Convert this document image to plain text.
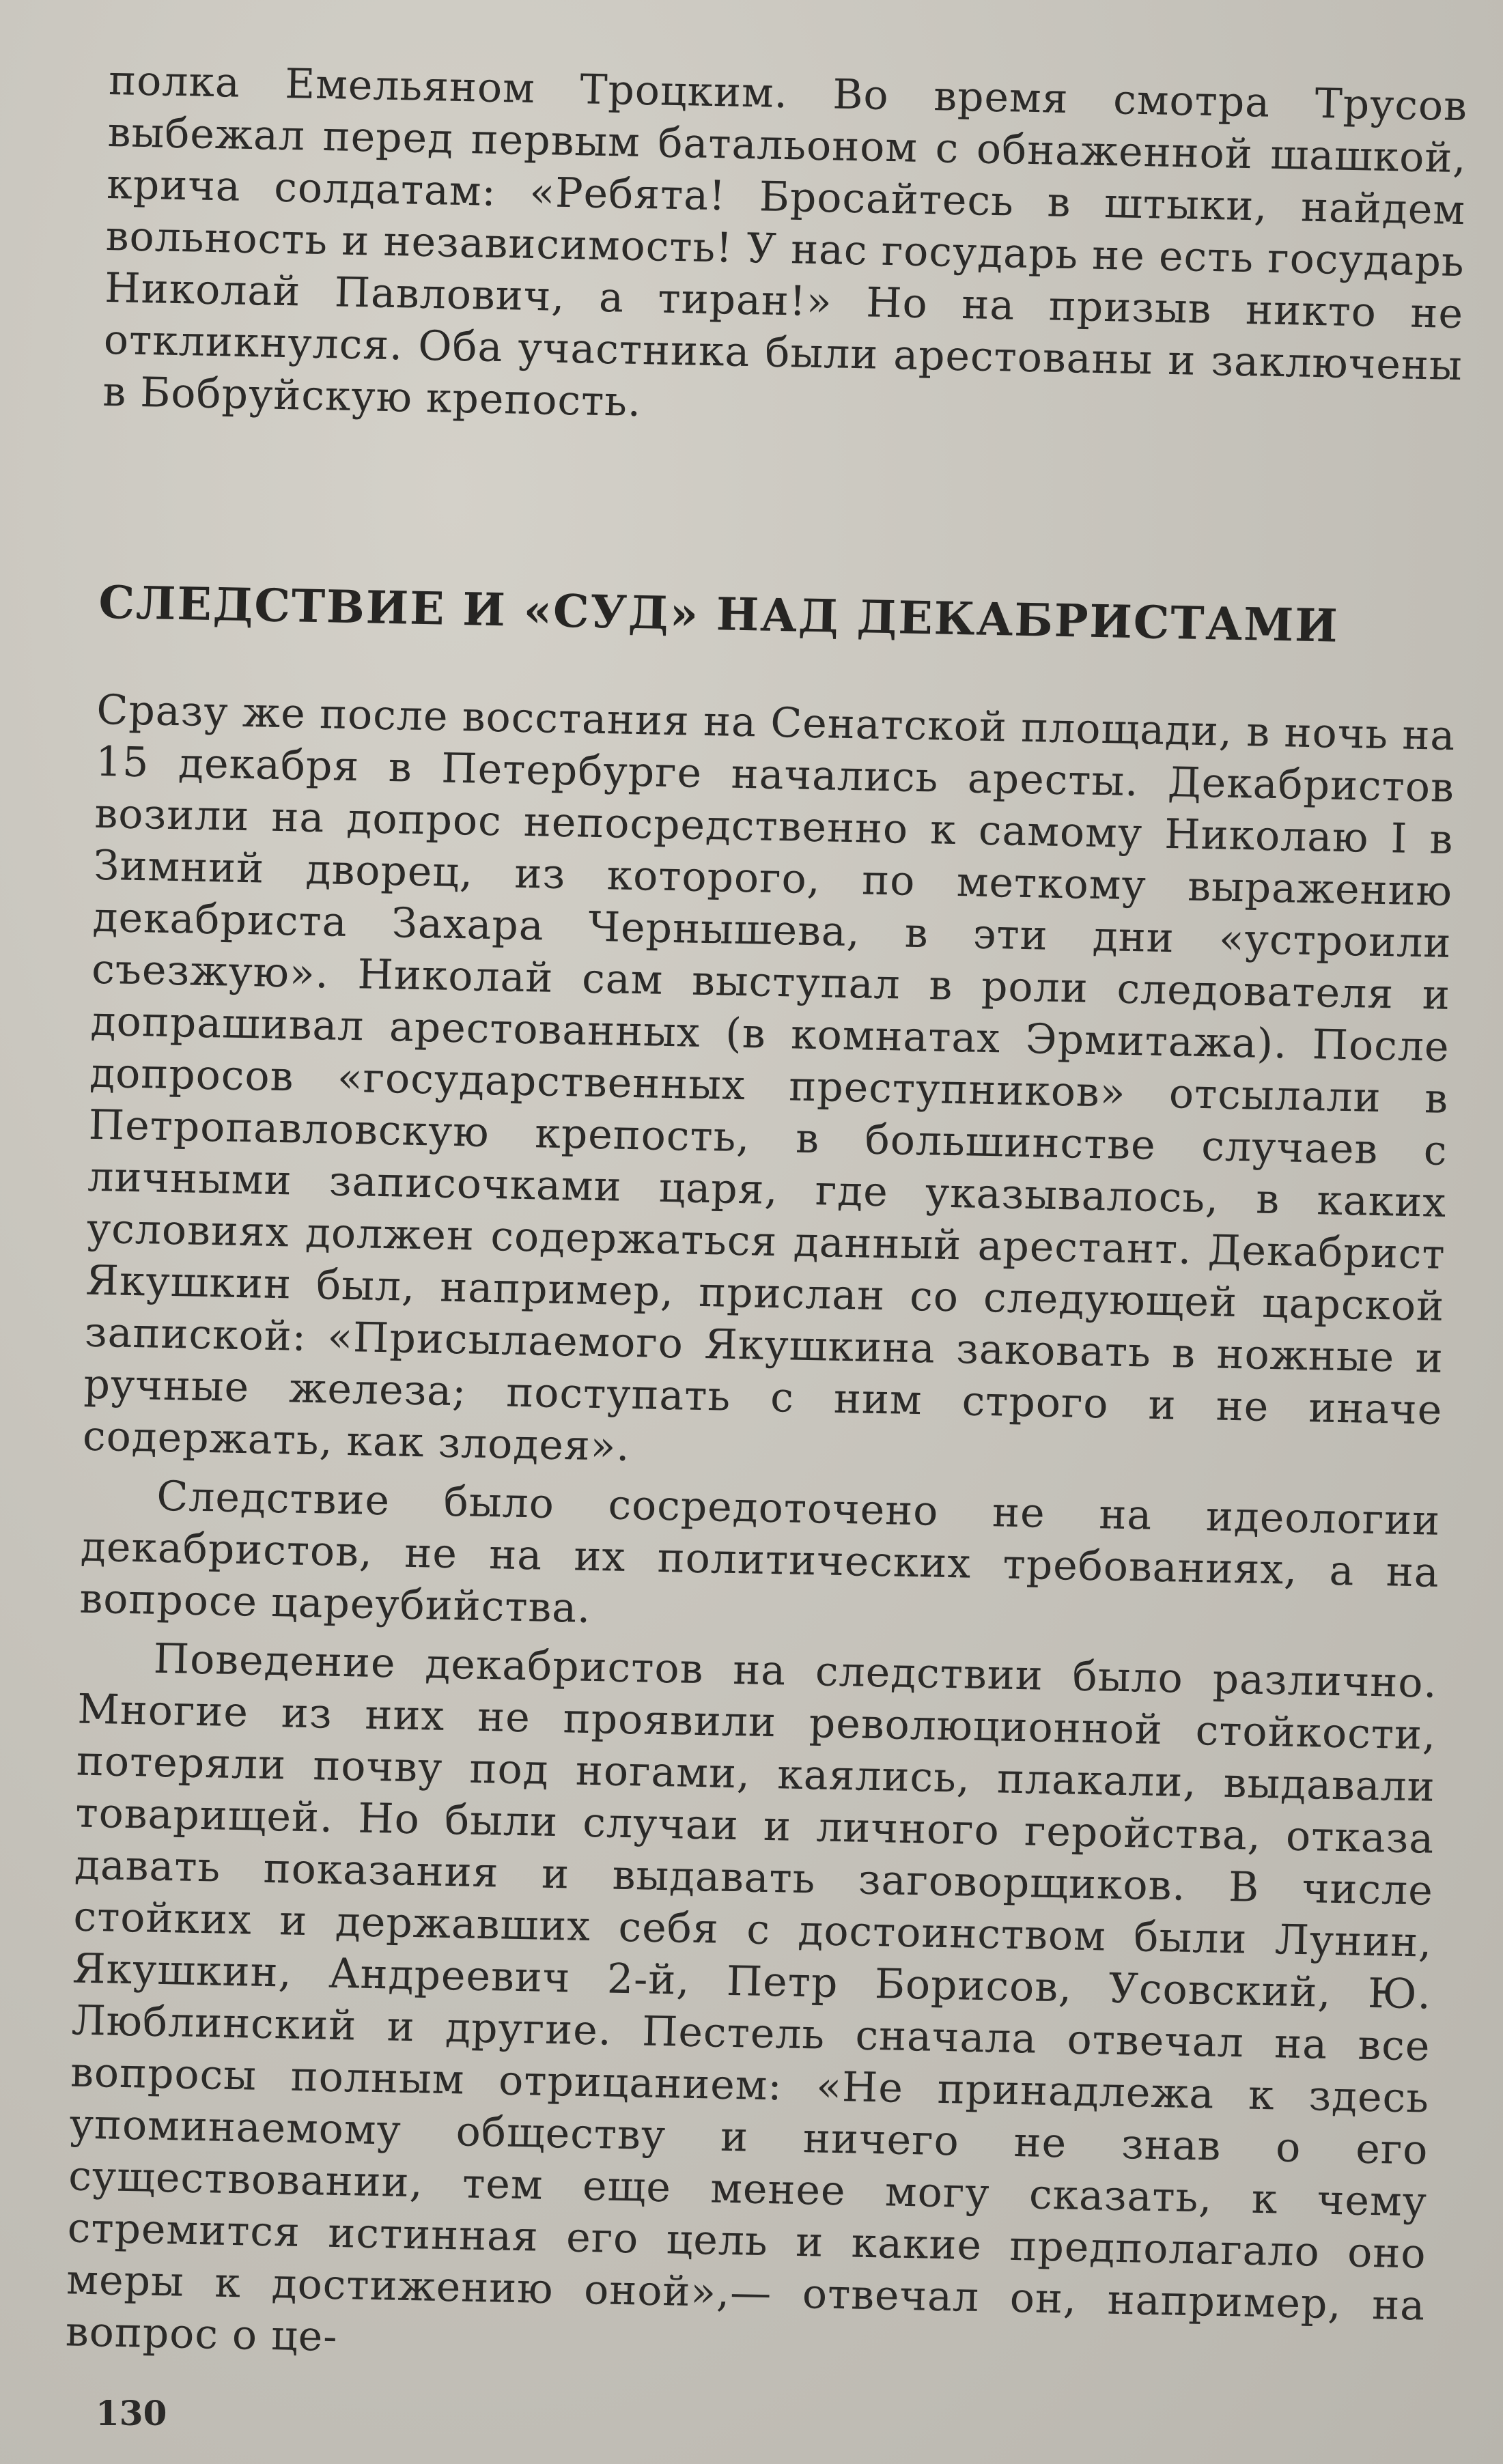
полка Емельяном Троцким. Во время смотра Трусов выбежал перед первым батальоном с обнаженной шашкой, крича солдатам: «Ребята! Бросайтесь в штыки, найдем вольность и независимость! У нас государь не есть государь Николай Павлович, а тиран!» Но на призыв никто не откликнулся. Оба участника были арестованы и заключены в Бобруйскую крепость.

СЛЕДСТВИЕ И «СУД» НАД ДЕКАБРИСТАМИ

Сразу же после восстания на Сенатской площади, в ночь на 15 декабря в Петербурге начались аресты. Декабристов возили на допрос непосредственно к самому Николаю I в Зимний дворец, из которого, по меткому выражению декабриста Захара Чернышева, в эти дни «устроили съезжую». Николай сам выступал в роли следователя и допрашивал арестованных (в комнатах Эрмитажа). После допросов «государственных преступников» отсылали в Петропавловскую крепость, в большинстве случаев с личными записочками царя, где указывалось, в каких условиях должен содержаться данный арестант. Декабрист Якушкин был, например, прислан со следующей царской запиской: «Присылаемого Якушкина заковать в ножные и ручные железа; поступать с ним строго и не иначе содержать, как злодея».

Следствие было сосредоточено не на идеологии декабристов, не на их политических требованиях, а на вопросе цареубийства.

Поведение декабристов на следствии было различно. Многие из них не проявили революционной стойкости, потеряли почву под ногами, каялись, плакали, выдавали товарищей. Но были случаи и личного геройства, отказа давать показания и выдавать заговорщиков. В числе стойких и державших себя с достоинством были Лунин, Якушкин, Андреевич 2-й, Петр Борисов, Усовский, Ю. Люблинский и другие. Пестель сначала отвечал на все вопросы полным отрицанием: «Не принадлежа к здесь упоминаемому обществу и ничего не знав о его существовании, тем еще менее могу сказать, к чему стремится истинная его цель и какие предполагало оно меры к достижению оной»,— отвечал он, например, на вопрос о це-

130
